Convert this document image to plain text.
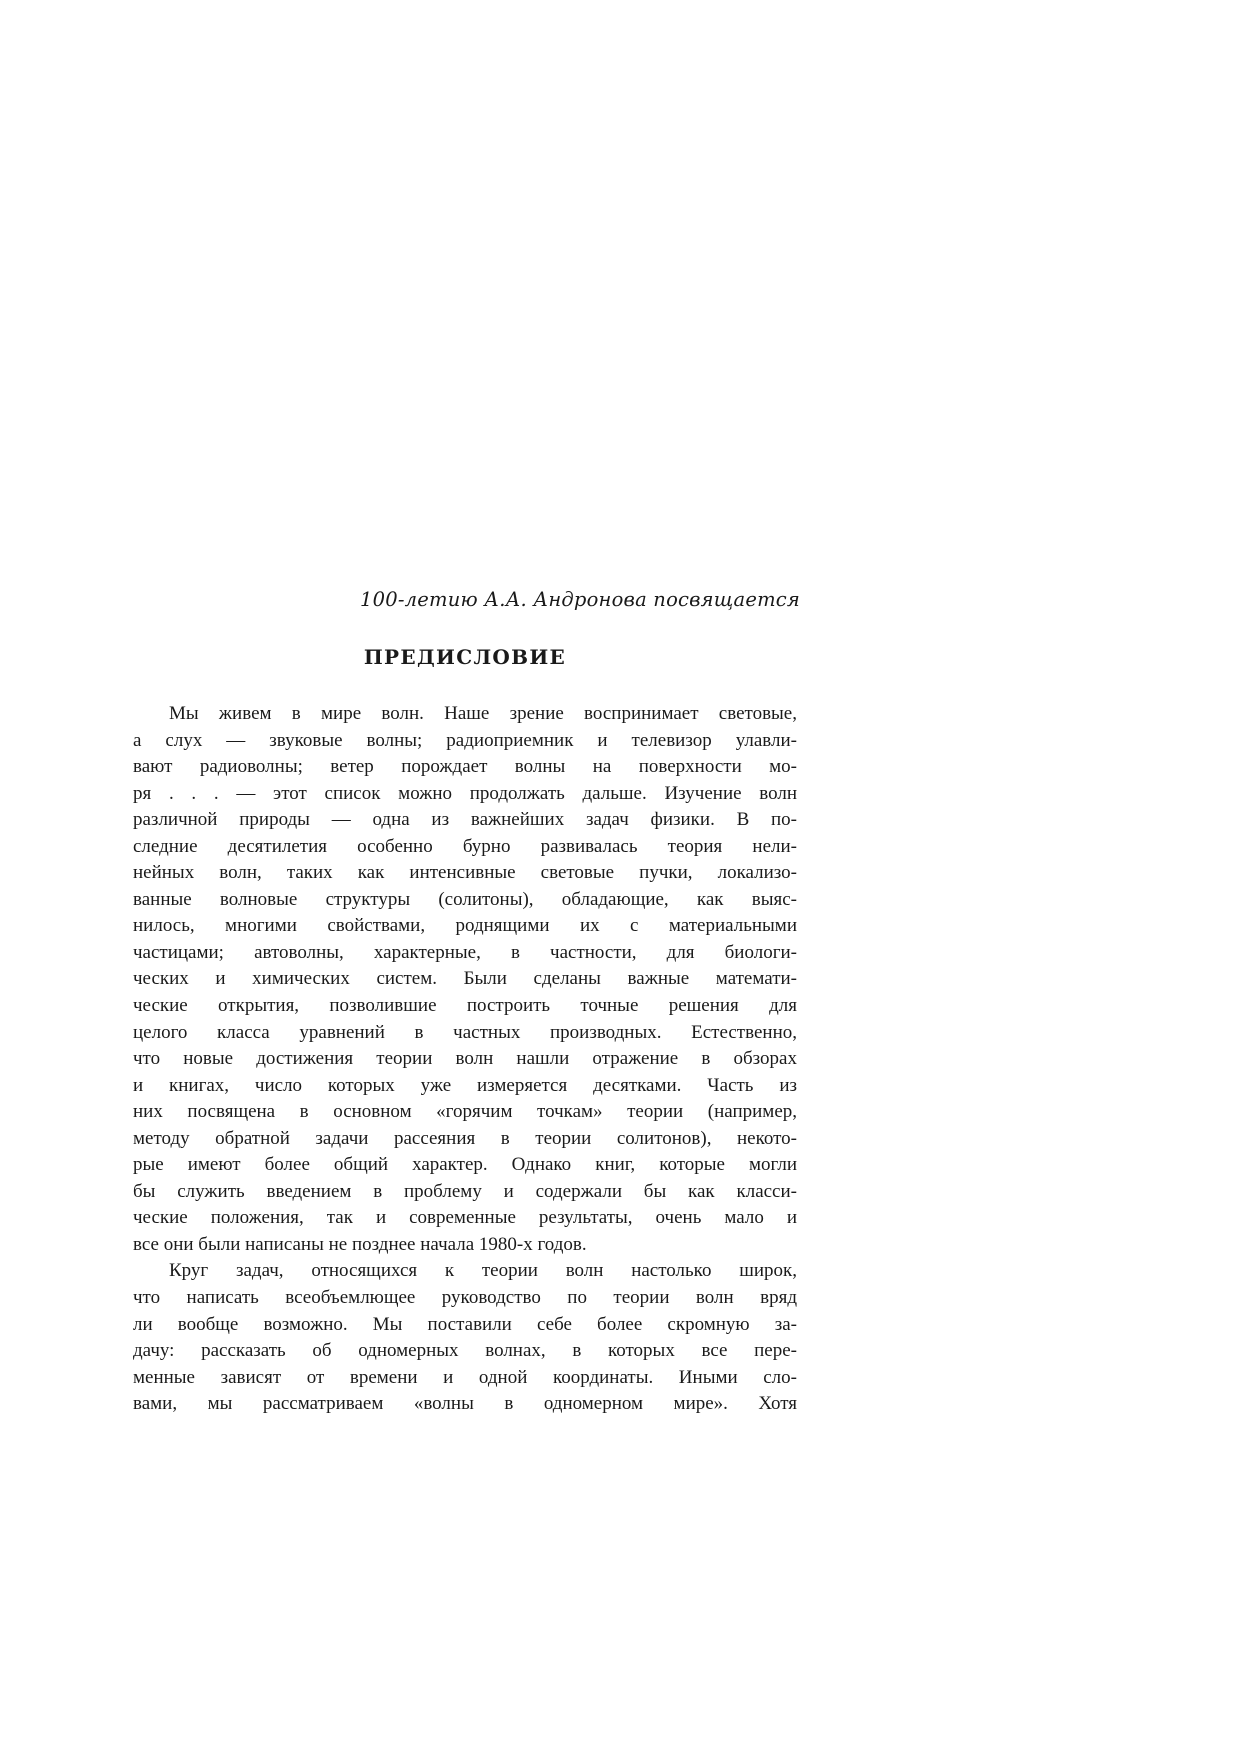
100-летию А.А. Андронова посвящается
ПРЕДИСЛОВИЕ
Мы живем в мире волн. Наше зрение воспринимает световые,
а слух — звуковые волны; радиоприемник и телевизор улавли-
вают радиоволны; ветер порождает волны на поверхности мо-
ря . . . — этот список можно продолжать дальше. Изучение волн
различной природы — одна из важнейших задач физики. В по-
следние десятилетия особенно бурно развивалась теория нели-
нейных волн, таких как интенсивные световые пучки, локализо-
ванные волновые структуры (солитоны), обладающие, как выяс-
нилось, многими свойствами, роднящими их с материальными
частицами; автоволны, характерные, в частности, для биологи-
ческих и химических систем. Были сделаны важные математи-
ческие открытия, позволившие построить точные решения для
целого класса уравнений в частных производных. Естественно,
что новые достижения теории волн нашли отражение в обзорах
и книгах, число которых уже измеряется десятками. Часть из
них посвящена в основном «горячим точкам» теории (например,
методу обратной задачи рассеяния в теории солитонов), некото-
рые имеют более общий характер. Однако книг, которые могли
бы служить введением в проблему и содержали бы как класси-
ческие положения, так и современные результаты, очень мало и
все они были написаны не позднее начала 1980-х годов.
Круг задач, относящихся к теории волн настолько широк,
что написать всеобъемлющее руководство по теории волн вряд
ли вообще возможно. Мы поставили себе более скромную за-
дачу: рассказать об одномерных волнах, в которых все пере-
менные зависят от времени и одной координаты. Иными сло-
вами, мы рассматриваем «волны в одномерном мире». Хотя
